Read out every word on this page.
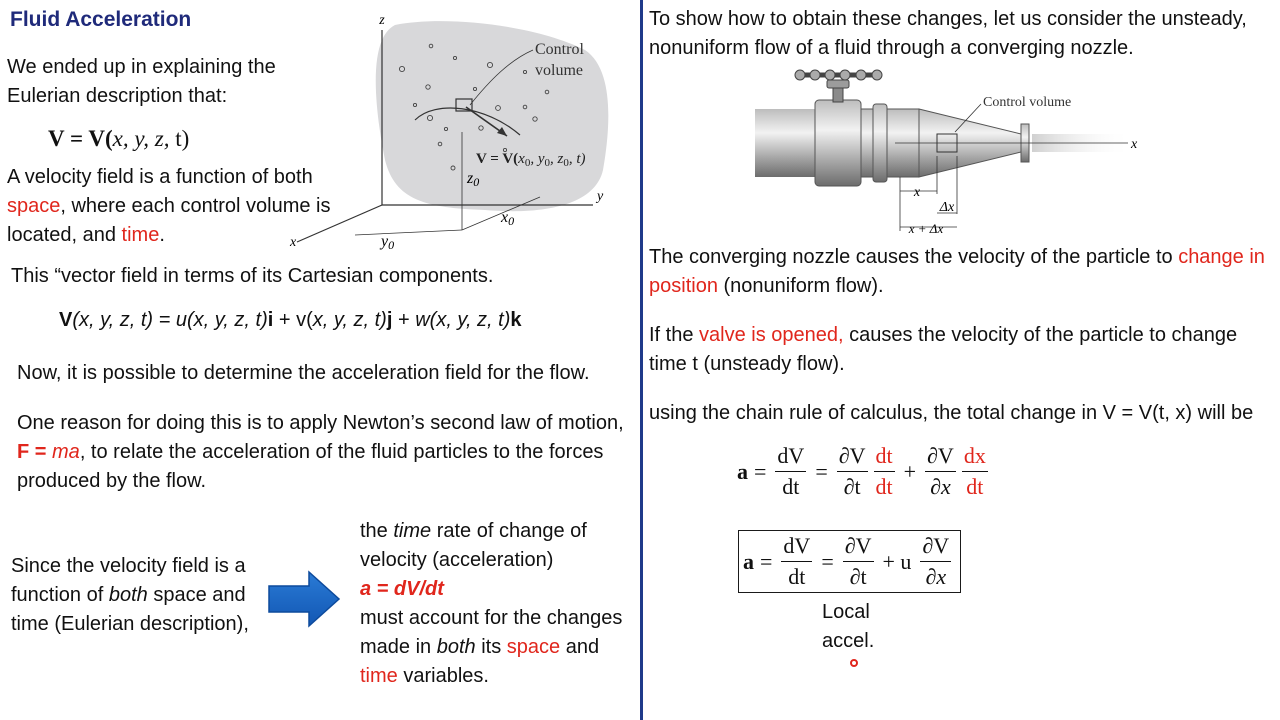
Fluid Acceleration
We ended up in explaining the
Eulerian description that:
V = V(x, y, z, t)
A velocity field is a function of both
space, where each control volume is
located, and time.
This “vector field in terms of its Cartesian components.
V(x, y, z, t) = u(x, y, z, t)i + v(x, y, z, t)j + w(x, y, z, t)k
Now, it is possible to determine the acceleration field for the flow.
One reason for doing this is to apply Newton’s second law of motion,
F = ma, to relate the acceleration of the fluid particles to the forces
produced by the flow.
Since the velocity field is a
function of both space and
time (Eulerian description),
the time rate of change of
velocity (acceleration)
a = dV/dt
must account for the changes
made in both its space and
time variables.
z
y
x
Control
volume
$V = V(x_0$, $y_0$, $z_0$, t)
z0
x0
y0
To show how to obtain these changes, let us consider the unsteady,
nonuniform flow of a fluid through a converging nozzle.
Control volume
x
x
Δx
x + Δx
The converging nozzle causes the velocity of the particle to change in
position (nonuniform flow).
If the valve is opened, causes the velocity of the particle to change
time t (unsteady flow).
using the chain rule of calculus, the total change in V = V(t, x) will be
$a = \frac{dV}{dt} = \frac{\partial V}{\partial t} \frac{dt}{dt} + \frac{\partial V}{\partial x} \frac{dx}{dt}$
$a = \frac{dV}{dt} = \frac{\partial V}{\partial t} + u \frac{\partial V}{\partial x}$
Local
accel.
